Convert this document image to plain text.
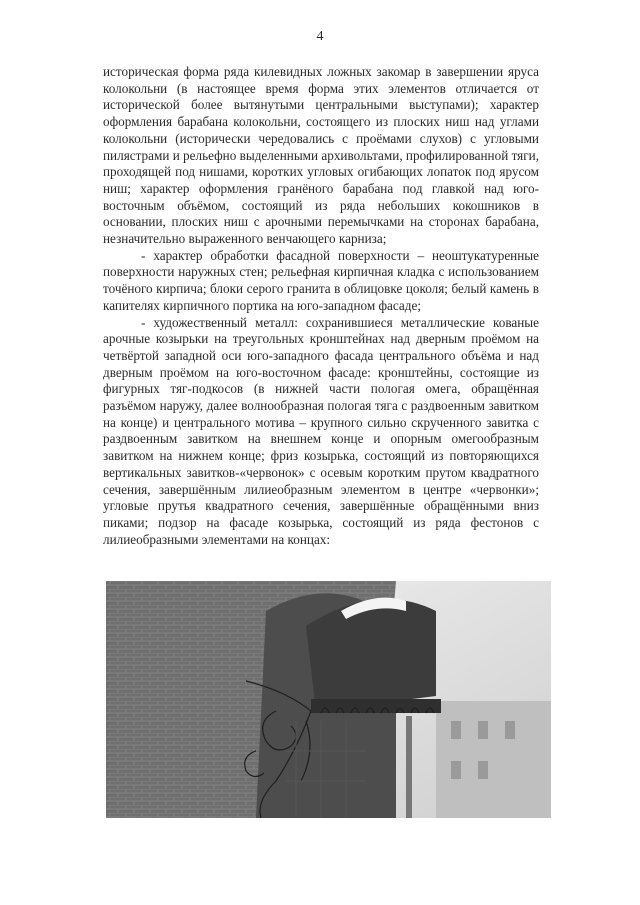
4

историческая форма ряда килевидных ложных закомар в завершении яруса колокольни (в настоящее время форма этих элементов отличается от исторической более вытянутыми центральными выступами); характер оформления барабана колокольни, состоящего из плоских ниш над углами колокольни (исторически чередовались с проёмами слухов) с угловыми пилястрами и рельефно выделенными архивольтами, профилированной тяги, проходящей под нишами, коротких угловых огибающих лопаток под ярусом ниш; характер оформления гранёного барабана под главкой над юго-восточным объёмом, состоящий из ряда небольших кокошников в основании, плоских ниш с арочными перемычками на сторонах барабана, незначительно выраженного венчающего карниза;

- характер обработки фасадной поверхности – неоштукатуренные поверхности наружных стен; рельефная кирпичная кладка с использованием точёного кирпича; блоки серого гранита в облицовке цоколя; белый камень в капителях кирпичного портика на юго-западном фасаде;

- художественный металл: сохранившиеся металлические кованые арочные козырьки на треугольных кронштейнах над дверным проёмом на четвёртой западной оси юго-западного фасада центрального объёма и над дверным проёмом на юго-восточном фасаде: кронштейны, состоящие из фигурных тяг-подкосов (в нижней части пологая омега, обращённая разъёмом наружу, далее волнообразная пологая тяга с раздвоенным завитком на конце) и центрального мотива – крупного сильно скрученного завитка с раздвоенным завитком на внешнем конце и опорным омегообразным завитком на нижнем конце; фриз козырька, состоящий из повторяющихся вертикальных завитков-«червонок» с осевым коротким прутом квадратного сечения, завершённым лилиеобразным элементом в центре «червонки»; угловые прутья квадратного сечения, завершённые обращёнными вниз пиками; подзор на фасаде козырька, состоящий из ряда фестонов с лилиеобразными элементами на концах:
